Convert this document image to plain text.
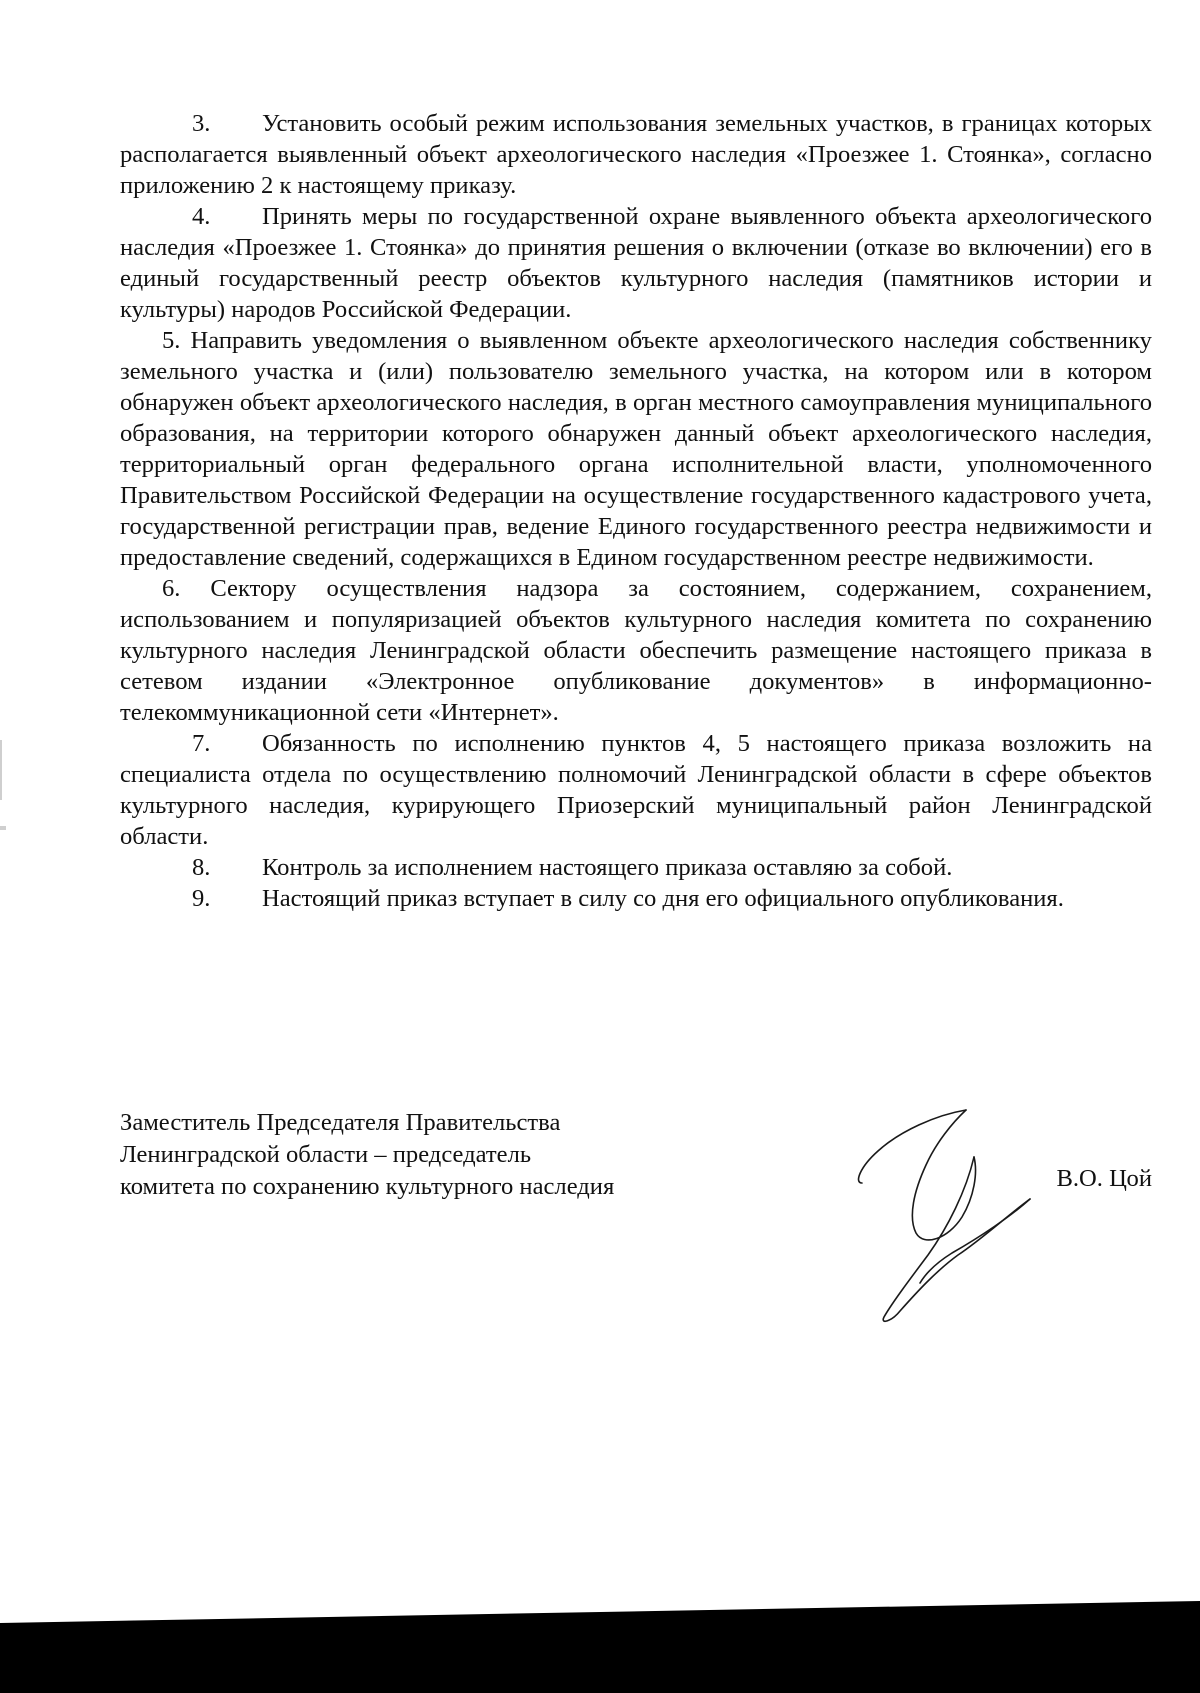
3. Установить особый режим использования земельных участков, в границах которых располагается выявленный объект археологического наследия «Проезжее 1. Стоянка», согласно приложению 2 к настоящему приказу.

4. Принять меры по государственной охране выявленного объекта археологического наследия «Проезжее 1. Стоянка» до принятия решения о включении (отказе во включении) его в единый государственный реестр объектов культурного наследия (памятников истории и культуры) народов Российской Федерации.

5. Направить уведомления о выявленном объекте археологического наследия собственнику земельного участка и (или) пользователю земельного участка, на котором или в котором обнаружен объект археологического наследия, в орган местного самоуправления муниципального образования, на территории которого обнаружен данный объект археологического наследия, территориальный орган федерального органа исполнительной власти, уполномоченного Правительством Российской Федерации на осуществление государственного кадастрового учета, государственной регистрации прав, ведение Единого государственного реестра недвижимости и предоставление сведений, содержащихся в Едином государственном реестре недвижимости.

6. Сектору осуществления надзора за состоянием, содержанием, сохранением, использованием и популяризацией объектов культурного наследия комитета по сохранению культурного наследия Ленинградской области обеспечить размещение настоящего приказа в сетевом издании «Электронное опубликование документов» в информационно-телекоммуникационной сети «Интернет».

7. Обязанность по исполнению пунктов 4, 5 настоящего приказа возложить на специалиста отдела по осуществлению полномочий Ленинградской области в сфере объектов культурного наследия, курирующего Приозерский муниципальный район Ленинградской области.

8. Контроль за исполнением настоящего приказа оставляю за собой.

9. Настоящий приказ вступает в силу со дня его официального опубликования.

Заместитель Председателя Правительства
Ленинградской области – председатель
комитета по сохранению культурного наследия	В.О. Цой
